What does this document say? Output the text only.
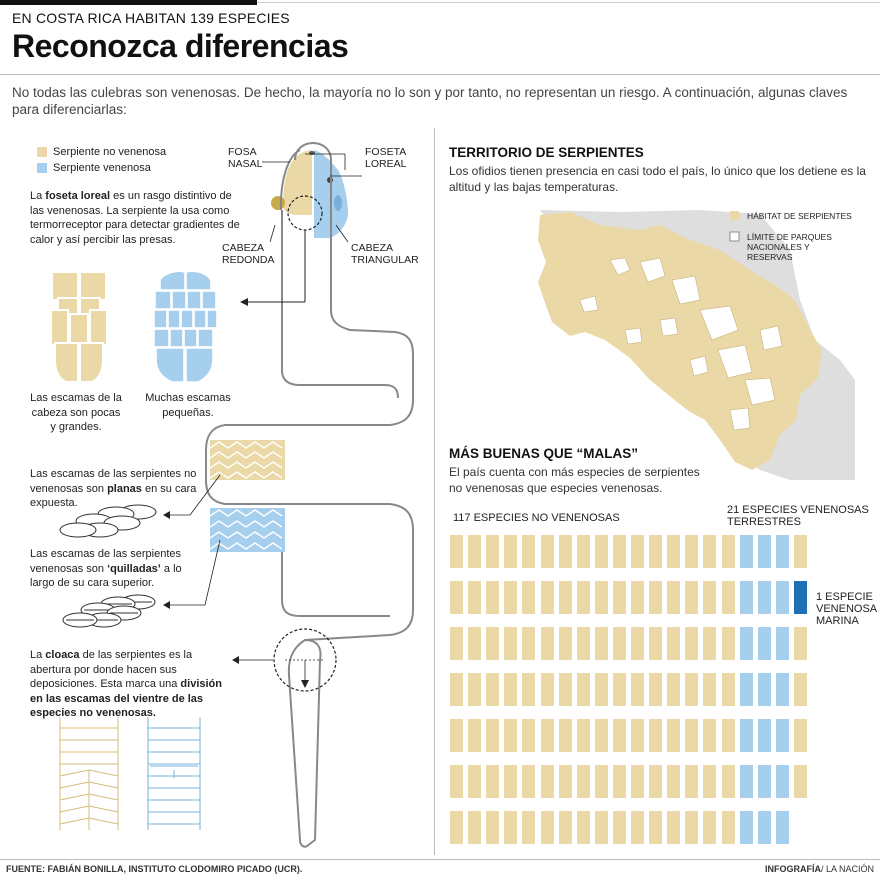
EN COSTA RICA HABITAN 139 ESPECIES
Reconozca diferencias
No todas las culebras son venenosas. De hecho, la mayoría no lo son y por tanto, no representan un riesgo. A continuación, algunas claves para diferenciarlas:
Serpiente no venenosa
Serpiente venenosa
La foseta loreal es un rasgo distintivo de las venenosas. La serpiente la usa como termorreceptor para detectar gradientes de calor y así percibir las presas.
FOSA
NASAL
FOSETA
LOREAL
CABEZA
REDONDA
CABEZA
TRIANGULAR
Las escamas de la
cabeza son pocas
y grandes.
Muchas escamas
pequeñas.
Las escamas de las serpientes no venenosas son planas en su cara expuesta.
Las escamas de las serpientes venenosas son ‘quilladas’ a lo largo de su cara superior.
La cloaca de las serpientes es la abertura por donde hacen sus deposiciones. Esta marca una división en las escamas del vientre de las especies no venenosas.
TERRITORIO DE SERPIENTES
Los ofidios tienen presencia en casi todo el país, lo único que los detiene es la altitud y las bajas temperaturas.
HÁBITAT DE SERPIENTES
LÍMITE DE PARQUES NACIONALES Y RESERVAS
MÁS BUENAS QUE “MALAS”
El país cuenta con más especies de serpientes no venenosas que especies venenosas.
117 ESPECIES NO VENENOSAS
21 ESPECIES VENENOSAS TERRESTRES
1 ESPECIE VENENOSA MARINA
FUENTE: FABIÁN BONILLA, INSTITUTO CLODOMIRO PICADO (UCR).	INFOGRAFÍA/ LA NACIÓN
